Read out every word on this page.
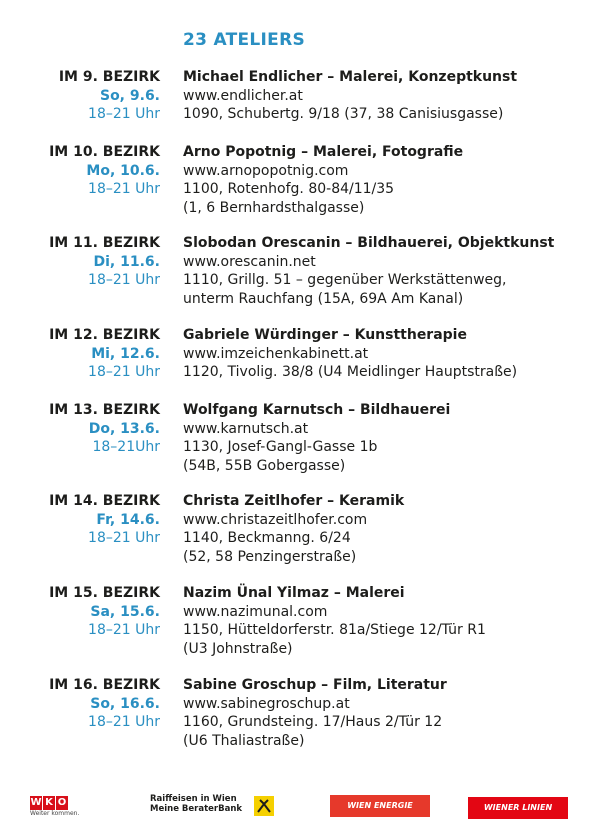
23 ATELIERS
IM 9. BEZIRK
So, 9.6.
18–21 Uhr
Michael Endlicher – Malerei, Konzeptkunst
www.endlicher.at
1090, Schubertg. 9/18 (37, 38 Canisiusgasse)
IM 10. BEZIRK
Mo, 10.6.
18–21 Uhr
Arno Popotnig – Malerei, Fotografie
www.arnopopotnig.com
1100, Rotenhofg. 80-84/11/35
(1, 6 Bernhardsthalgasse)
IM 11. BEZIRK
Di, 11.6.
18–21 Uhr
Slobodan Orescanin – Bildhauerei, Objektkunst
www.orescanin.net
1110, Grillg. 51 – gegenüber Werkstättenweg,
unterm Rauchfang (15A, 69A Am Kanal)
IM 12. BEZIRK
Mi, 12.6.
18–21 Uhr
Gabriele Würdinger – Kunsttherapie
www.imzeichenkabinett.at
1120, Tivolig. 38/8 (U4 Meidlinger Hauptstraße)
IM 13. BEZIRK
Do, 13.6.
18–21Uhr
Wolfgang Karnutsch – Bildhauerei
www.karnutsch.at
1130, Josef-Gangl-Gasse 1b
(54B, 55B Gobergasse)
IM 14. BEZIRK
Fr, 14.6.
18–21 Uhr
Christa Zeitlhofer – Keramik
www.christazeitlhofer.com
1140, Beckmanng. 6/24
(52, 58 Penzingerstraße)
IM 15. BEZIRK
Sa, 15.6.
18–21 Uhr
Nazim Ünal Yilmaz – Malerei
www.nazimunal.com
1150, Hütteldorferstr. 81a/Stiege 12/Tür R1
(U3 Johnstraße)
IM 16. BEZIRK
So, 16.6.
18–21 Uhr
Sabine Groschup – Film, Literatur
www.sabinegroschup.at
1160, Grundsteing. 17/Haus 2/Tür 12
(U6 Thaliastraße)
W K O
Weiter kommen.
Raiffeisen in Wien
Meine BeraterBank	WIEN ENERGIE	WIENER LINIEN
